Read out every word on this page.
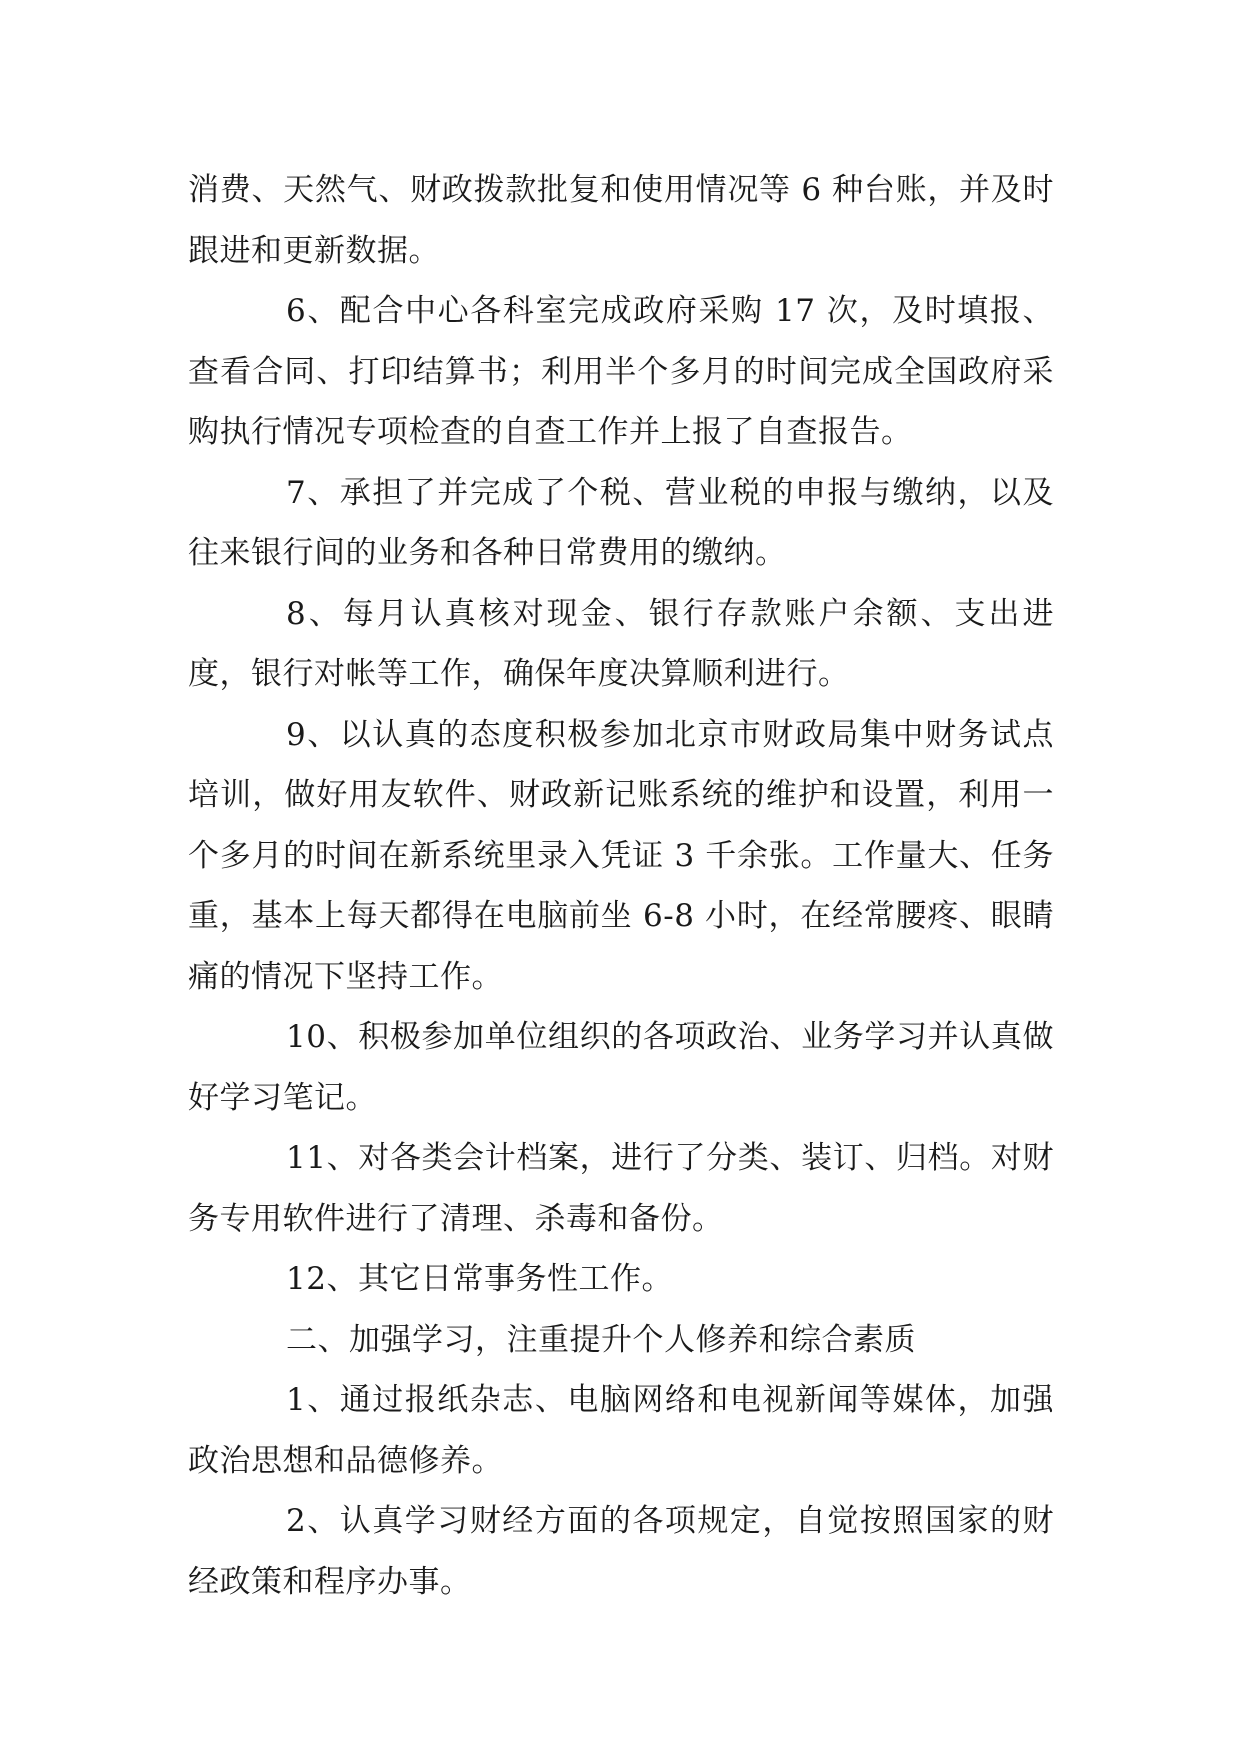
消费、天然气、财政拨款批复和使用情况等 6 种台账，并及时跟进和更新数据。

6、配合中心各科室完成政府采购 17 次，及时填报、查看合同、打印结算书；利用半个多月的时间完成全国政府采购执行情况专项检查的自查工作并上报了自查报告。

7、承担了并完成了个税、营业税的申报与缴纳，以及往来银行间的业务和各种日常费用的缴纳。

8、每月认真核对现金、银行存款账户余额、支出进度，银行对帐等工作，确保年度决算顺利进行。

9、以认真的态度积极参加北京市财政局集中财务试点培训，做好用友软件、财政新记账系统的维护和设置，利用一个多月的时间在新系统里录入凭证 3 千余张。工作量大、任务重，基本上每天都得在电脑前坐 6-8 小时，在经常腰疼、眼睛痛的情况下坚持工作。

10、积极参加单位组织的各项政治、业务学习并认真做好学习笔记。

11、对各类会计档案，进行了分类、装订、归档。对财务专用软件进行了清理、杀毒和备份。

12、其它日常事务性工作。

二、加强学习，注重提升个人修养和综合素质

1、通过报纸杂志、电脑网络和电视新闻等媒体，加强政治思想和品德修养。

2、认真学习财经方面的各项规定，自觉按照国家的财经政策和程序办事。
